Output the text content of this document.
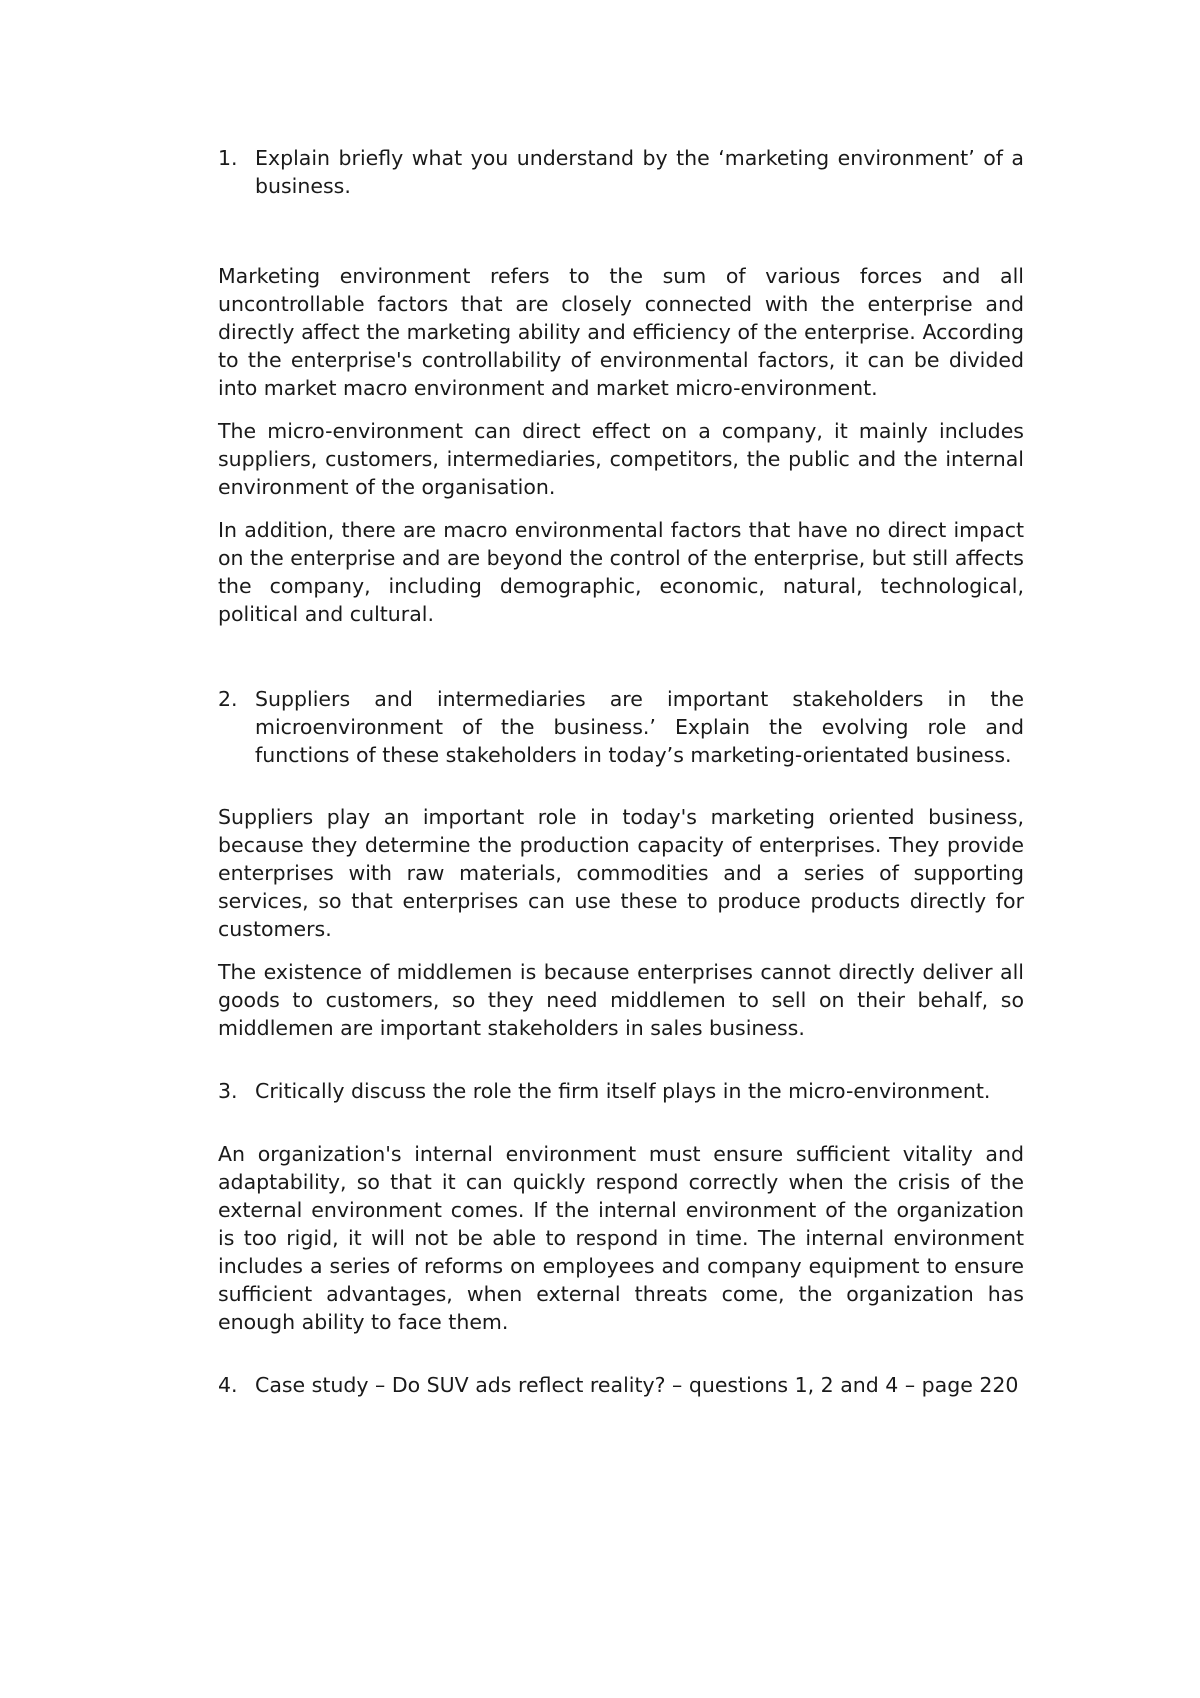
1. Explain briefly what you understand by the ‘marketing environment’ of a business.

Marketing environment refers to the sum of various forces and all uncontrollable factors that are closely connected with the enterprise and directly affect the marketing ability and efficiency of the enterprise. According to the enterprise's controllability of environmental factors, it can be divided into market macro environment and market micro-environment.

The micro-environment can direct effect on a company, it mainly includes suppliers, customers, intermediaries, competitors, the public and the internal environment of the organisation.

In addition, there are macro environmental factors that have no direct impact on the enterprise and are beyond the control of the enterprise, but still affects the company, including demographic, economic, natural, technological, political and cultural.

2. Suppliers and intermediaries are important stakeholders in the microenvironment of the business.’ Explain the evolving role and functions of these stakeholders in today’s marketing-orientated business.

Suppliers play an important role in today's marketing oriented business, because they determine the production capacity of enterprises. They provide enterprises with raw materials, commodities and a series of supporting services, so that enterprises can use these to produce products directly for customers.

The existence of middlemen is because enterprises cannot directly deliver all goods to customers, so they need middlemen to sell on their behalf, so middlemen are important stakeholders in sales business.

3. Critically discuss the role the firm itself plays in the micro-environment.

An organization's internal environment must ensure sufficient vitality and adaptability, so that it can quickly respond correctly when the crisis of the external environment comes. If the internal environment of the organization is too rigid, it will not be able to respond in time. The internal environment includes a series of reforms on employees and company equipment to ensure sufficient advantages, when external threats come, the organization has enough ability to face them.

4. Case study – Do SUV ads reflect reality? – questions 1, 2 and 4 – page 220
